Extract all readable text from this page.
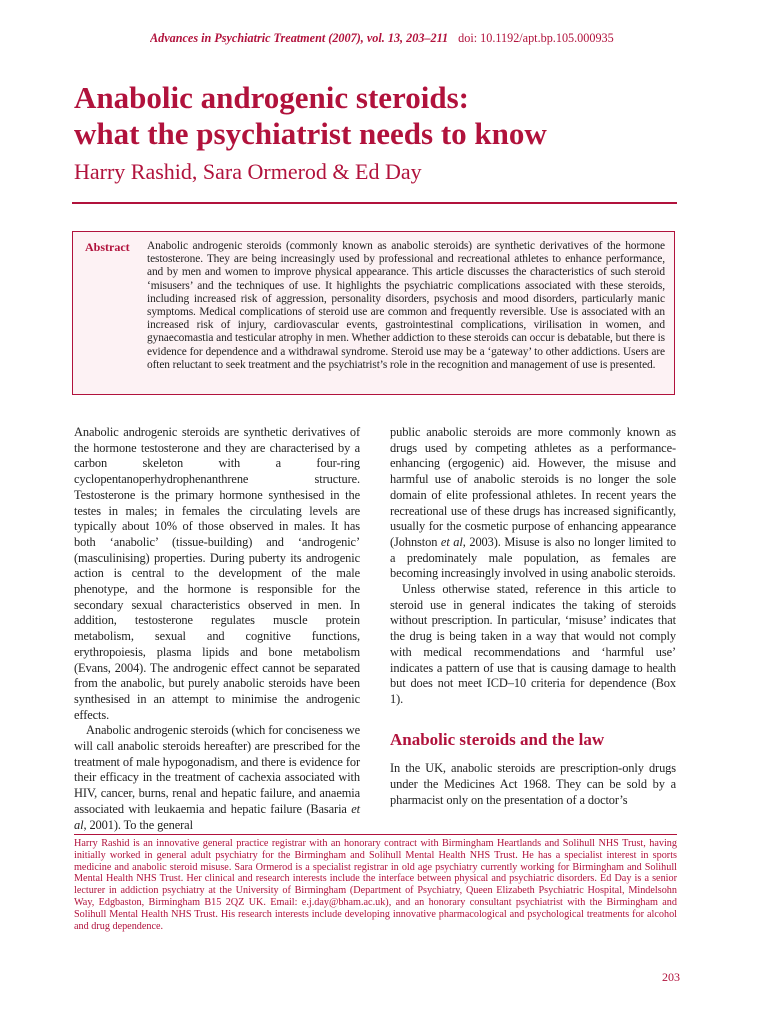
Advances in Psychiatric Treatment (2007), vol. 13, 203–211 doi: 10.1192/apt.bp.105.000935
Anabolic androgenic steroids:
what the psychiatrist needs to know
Harry Rashid, Sara Ormerod & Ed Day
Abstract Anabolic androgenic steroids (commonly known as anabolic steroids) are synthetic derivatives of the hormone testosterone. They are being increasingly used by professional and recreational athletes to enhance performance, and by men and women to improve physical appearance. This article discusses the characteristics of such steroid ‘misusers’ and the techniques of use. It highlights the psychiatric complications associated with these steroids, including increased risk of aggression, personality disorders, psychosis and mood disorders, particularly manic symptoms. Medical complications of steroid use are common and frequently reversible. Use is associated with an increased risk of injury, cardiovascular events, gastrointestinal complications, virilisation in women, and gynaecomastia and testicular atrophy in men. Whether addiction to these steroids can occur is debatable, but there is evidence for dependence and a withdrawal syndrome. Steroid use may be a ‘gateway’ to other addictions. Users are often reluctant to seek treatment and the psychiatrist’s role in the recognition and management of use is presented.

Anabolic androgenic steroids are synthetic derivatives of the hormone testosterone and they are characterised by a carbon skeleton with a four-ring cyclopentanoperhydrophenanthrene structure. Testosterone is the primary hormone synthesised in the testes in males; in females the circulating levels are typically about 10% of those observed in males. It has both ‘anabolic’ (tissue-building) and ‘androgenic’ (masculinising) properties. During puberty its androgenic action is central to the development of the male phenotype, and the hormone is responsible for the secondary sexual characteristics observed in men. In addition, testosterone regulates muscle protein metabolism, sexual and cognitive functions, erythropoiesis, plasma lipids and bone metabolism (Evans, 2004). The androgenic effect cannot be separated from the anabolic, but purely anabolic steroids have been synthesised in an attempt to minimise the androgenic effects.

Anabolic androgenic steroids (which for conciseness we will call anabolic steroids hereafter) are prescribed for the treatment of male hypogonadism, and there is evidence for their efficacy in the treatment of cachexia associated with HIV, cancer, burns, renal and hepatic failure, and anaemia associated with leukaemia and hepatic failure (Basaria et al, 2001). To the general

public anabolic steroids are more commonly known as drugs used by competing athletes as a performance-enhancing (ergogenic) aid. However, the misuse and harmful use of anabolic steroids is no longer the sole domain of elite professional athletes. In recent years the recreational use of these drugs has increased significantly, usually for the cosmetic purpose of enhancing appearance (Johnston et al, 2003). Misuse is also no longer limited to a predominately male population, as females are becoming increasingly involved in using anabolic steroids.

Unless otherwise stated, reference in this article to steroid use in general indicates the taking of steroids without prescription. In particular, ‘misuse’ indicates that the drug is being taken in a way that would not comply with medical recommendations and ‘harmful use’ indicates a pattern of use that is causing damage to health but does not meet ICD–10 criteria for dependence (Box 1).

Anabolic steroids and the law

In the UK, anabolic steroids are prescription-only drugs under the Medicines Act 1968. They can be sold by a pharmacist only on the presentation of a doctor’s

Harry Rashid is an innovative general practice registrar with an honorary contract with Birmingham Heartlands and Solihull NHS Trust, having initially worked in general adult psychiatry for the Birmingham and Solihull Mental Health NHS Trust. He has a specialist interest in sports medicine and anabolic steroid misuse. Sara Ormerod is a specialist registrar in old age psychiatry currently working for Birmingham and Solihull Mental Health NHS Trust. Her clinical and research interests include the interface between physical and psychiatric disorders. Ed Day is a senior lecturer in addiction psychiatry at the University of Birmingham (Department of Psychiatry, Queen Elizabeth Psychiatric Hospital, Mindelsohn Way, Edgbaston, Birmingham B15 2QZ UK. Email: e.j.day@bham.ac.uk), and an honorary consultant psychiatrist with the Birmingham and Solihull Mental Health NHS Trust. His research interests include developing innovative pharmacological and psychological treatments for alcohol and drug dependence.
203
